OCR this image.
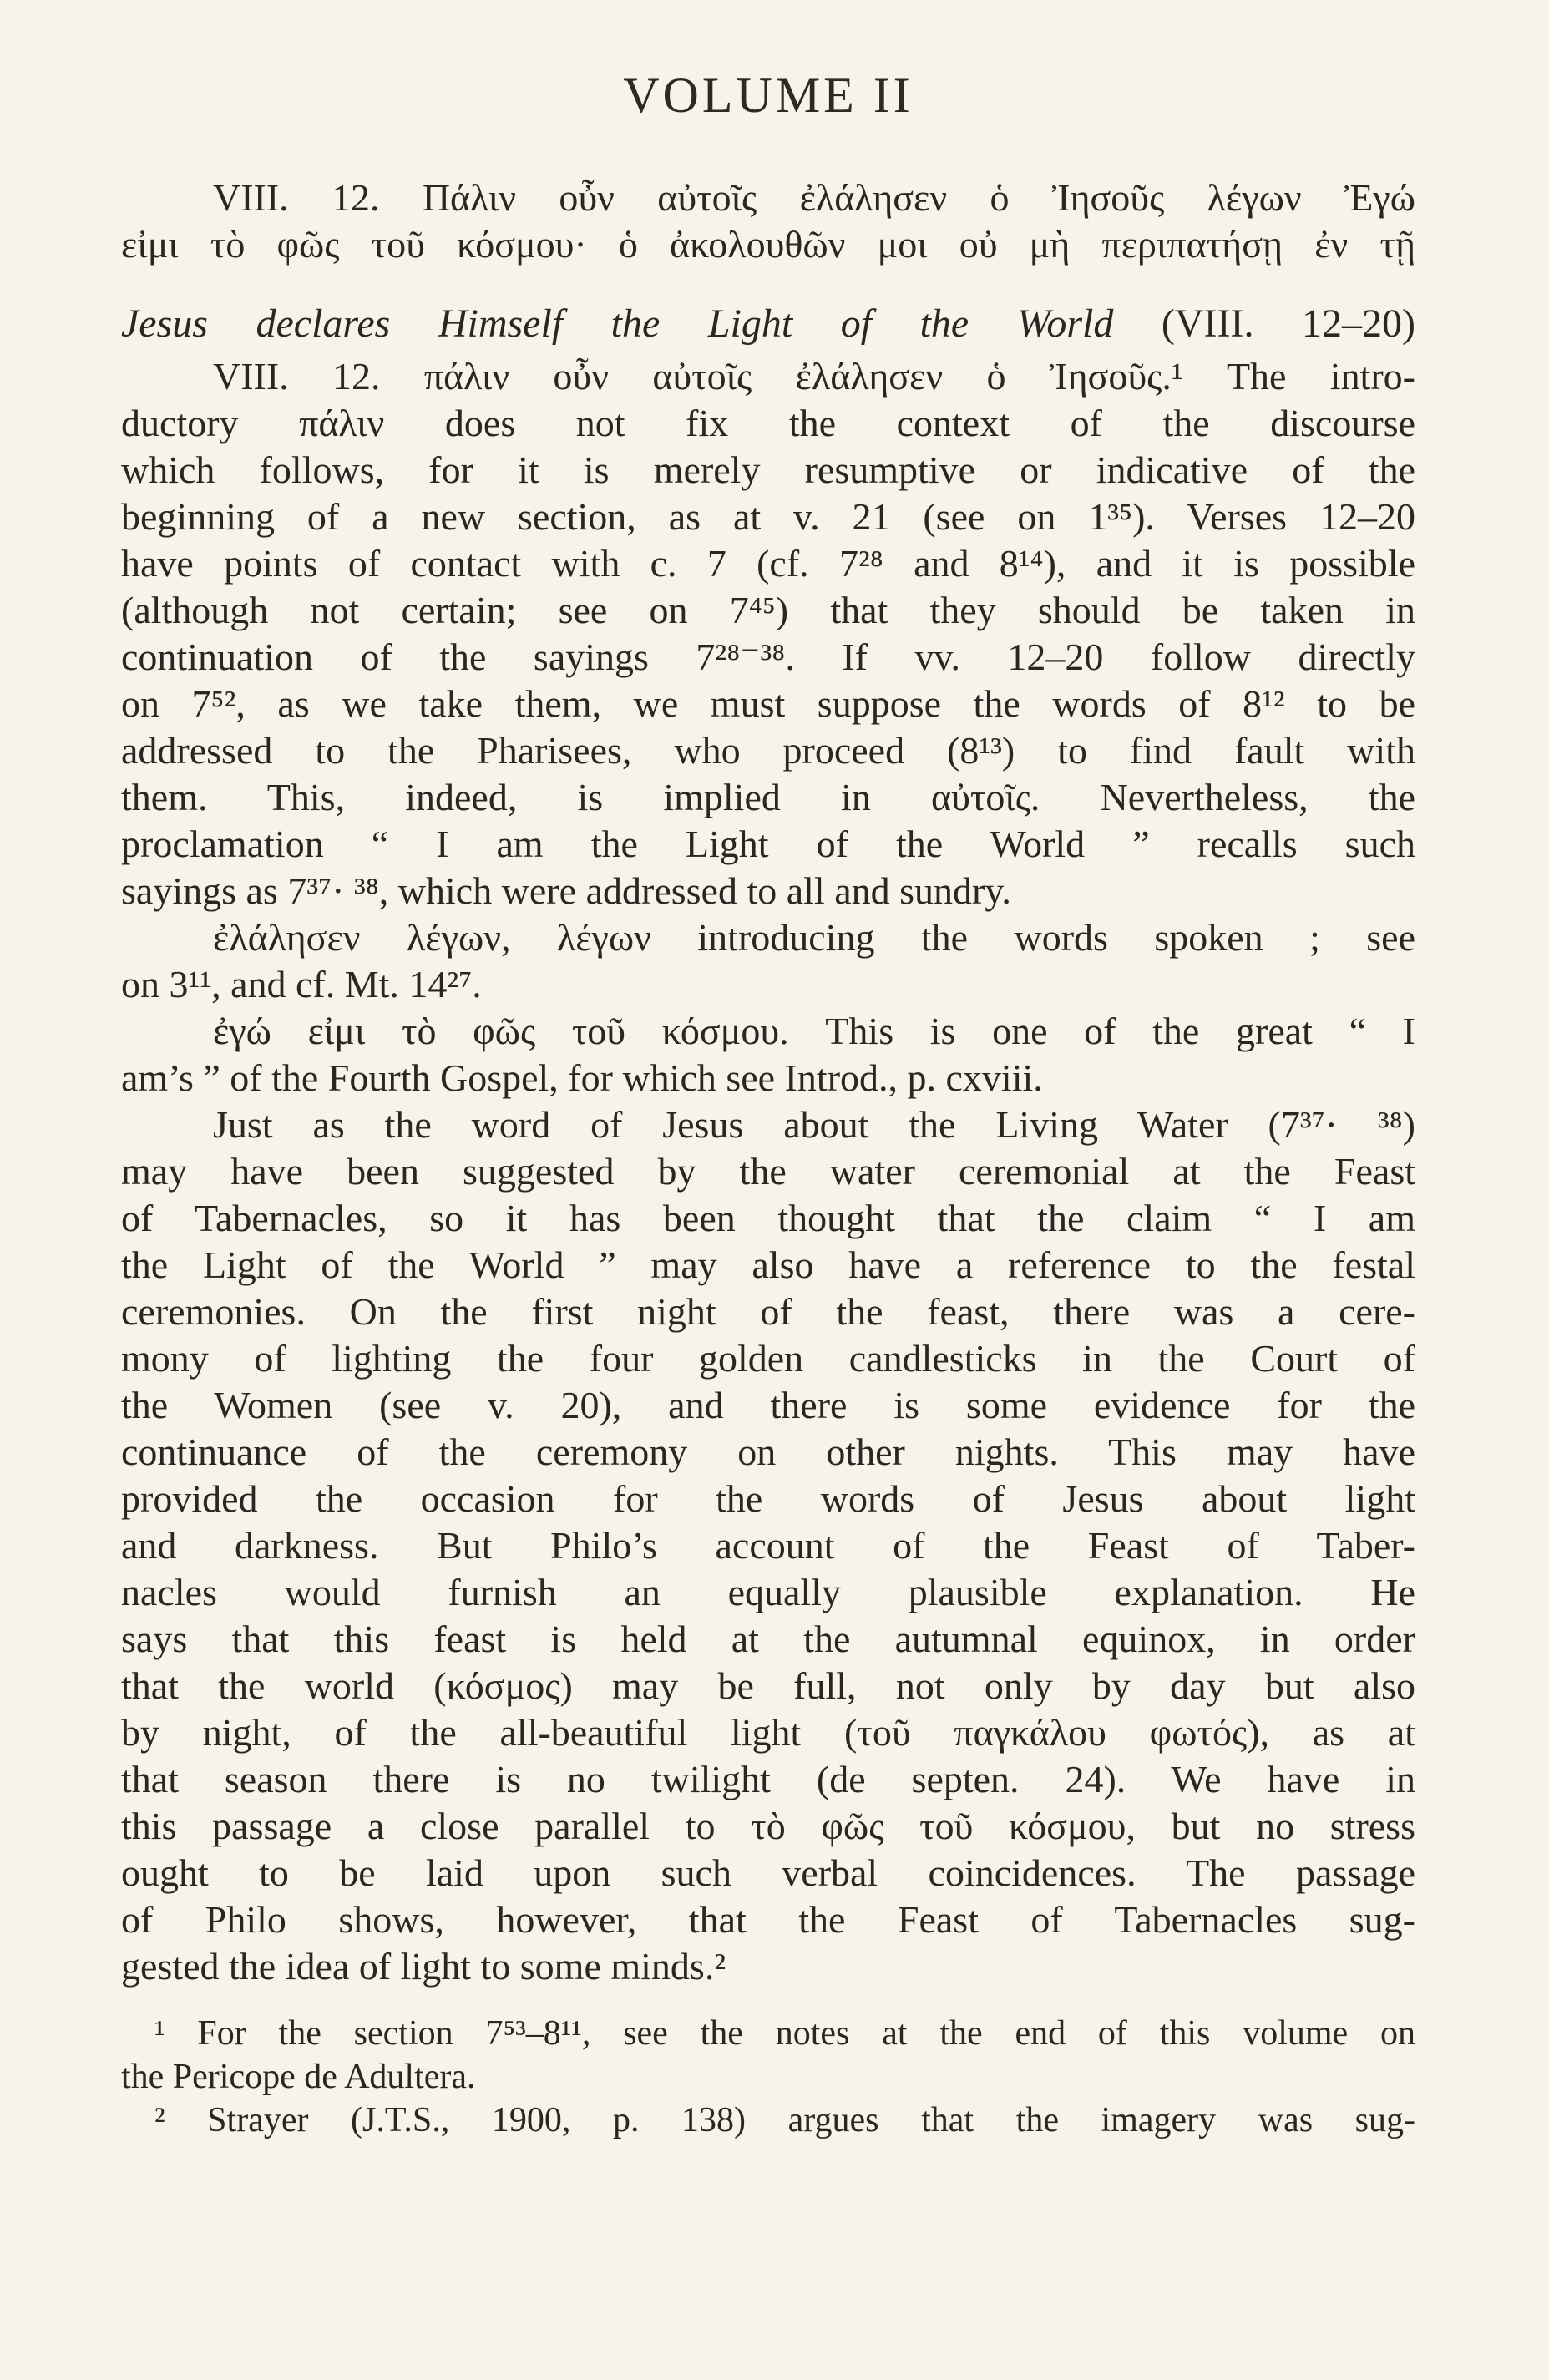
VOLUME II

VIII. 12. Πάλιν οὖν αὐτοῖς ἐλάλησεν ὁ Ἰησοῦς λέγων Ἐγώ

εἰμι τὸ φῶς τοῦ κόσμου· ὁ ἀκολουθῶν μοι οὐ μὴ περιπατήσῃ ἐν τῇ

Jesus declares Himself the Light of the World (VIII. 12–20)

VIII. 12. πάλιν οὖν αὐτοῖς ἐλάλησεν ὁ Ἰησοῦς.¹ The intro-

ductory πάλιν does not fix the context of the discourse

which follows, for it is merely resumptive or indicative of the

beginning of a new section, as at v. 21 (see on 1³⁵). Verses 12–20

have points of contact with c. 7 (cf. 7²⁸ and 8¹⁴), and it is possible

(although not certain; see on 7⁴⁵) that they should be taken in

continuation of the sayings 7²⁸⁻³⁸. If vv. 12–20 follow directly

on 7⁵², as we take them, we must suppose the words of 8¹² to be

addressed to the Pharisees, who proceed (8¹³) to find fault with

them. This, indeed, is implied in αὐτοῖς. Nevertheless, the

proclamation “ I am the Light of the World ” recalls such

sayings as 7³⁷· ³⁸, which were addressed to all and sundry.

ἐλάλησεν λέγων, λέγων introducing the words spoken ; see

on 3¹¹, and cf. Mt. 14²⁷.

ἐγώ εἰμι τὸ φῶς τοῦ κόσμου. This is one of the great “ I

am’s ” of the Fourth Gospel, for which see Introd., p. cxviii.

Just as the word of Jesus about the Living Water (7³⁷· ³⁸)

may have been suggested by the water ceremonial at the Feast

of Tabernacles, so it has been thought that the claim “ I am

the Light of the World ” may also have a reference to the festal

ceremonies. On the first night of the feast, there was a cere-

mony of lighting the four golden candlesticks in the Court of

the Women (see v. 20), and there is some evidence for the

continuance of the ceremony on other nights. This may have

provided the occasion for the words of Jesus about light

and darkness. But Philo’s account of the Feast of Taber-

nacles would furnish an equally plausible explanation. He

says that this feast is held at the autumnal equinox, in order

that the world (κόσμος) may be full, not only by day but also

by night, of the all-beautiful light (τοῦ παγκάλου φωτός), as at

that season there is no twilight (de septen. 24). We have in

this passage a close parallel to τὸ φῶς τοῦ κόσμου, but no stress

ought to be laid upon such verbal coincidences. The passage

of Philo shows, however, that the Feast of Tabernacles sug-

gested the idea of light to some minds.²

¹ For the section 7⁵³–8¹¹, see the notes at the end of this volume on

the Pericope de Adultera.

² Strayer (J.T.S., 1900, p. 138) argues that the imagery was sug-
